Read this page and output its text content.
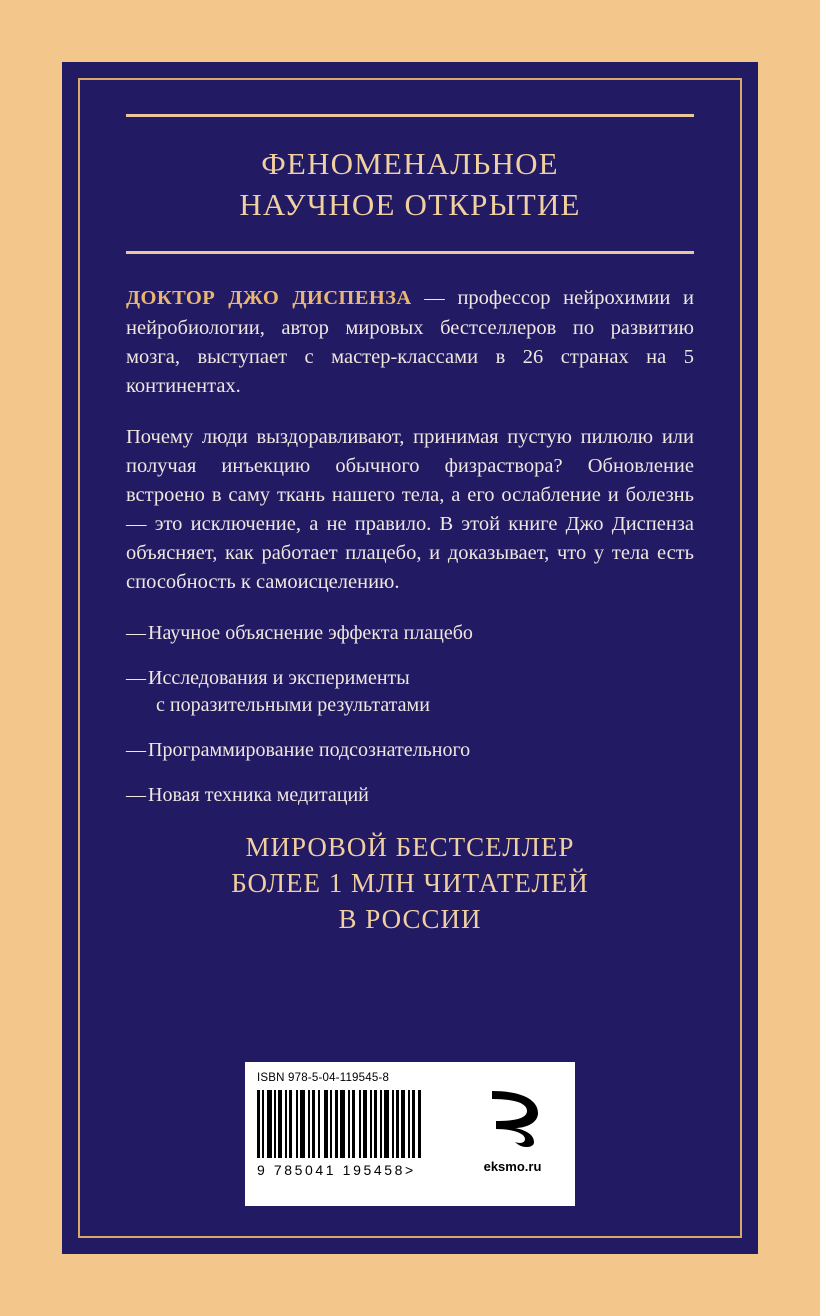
ФЕНОМЕНАЛЬНОЕ
НАУЧНОЕ ОТКРЫТИЕ

ДОКТОР ДЖО ДИСПЕНЗА — профессор нейрохимии и нейробиологии, автор мировых бестселлеров по развитию мозга, выступает с мастер-классами в 26 странах на 5 континентах.

Почему люди выздоравливают, принимая пустую пилюлю или получая инъекцию обычного физраствора? Обновление встроено в саму ткань нашего тела, а его ослабление и болезнь — это исключение, а не правило. В этой книге Джо Диспенза объясняет, как работает плацебо, и доказывает, что у тела есть способность к самоисцелению.

— Научное объяснение эффекта плацебо
— Исследования и эксперименты
с поразительными результатами
— Программирование подсознательного
— Новая техника медитаций
МИРОВОЙ БЕСТСЕЛЛЕР
БОЛЕЕ 1 МЛН ЧИТАТЕЛЕЙ
В РОССИИ
ISBN 978-5-04-119545-8
9 785041 195458>	eksmo.ru
